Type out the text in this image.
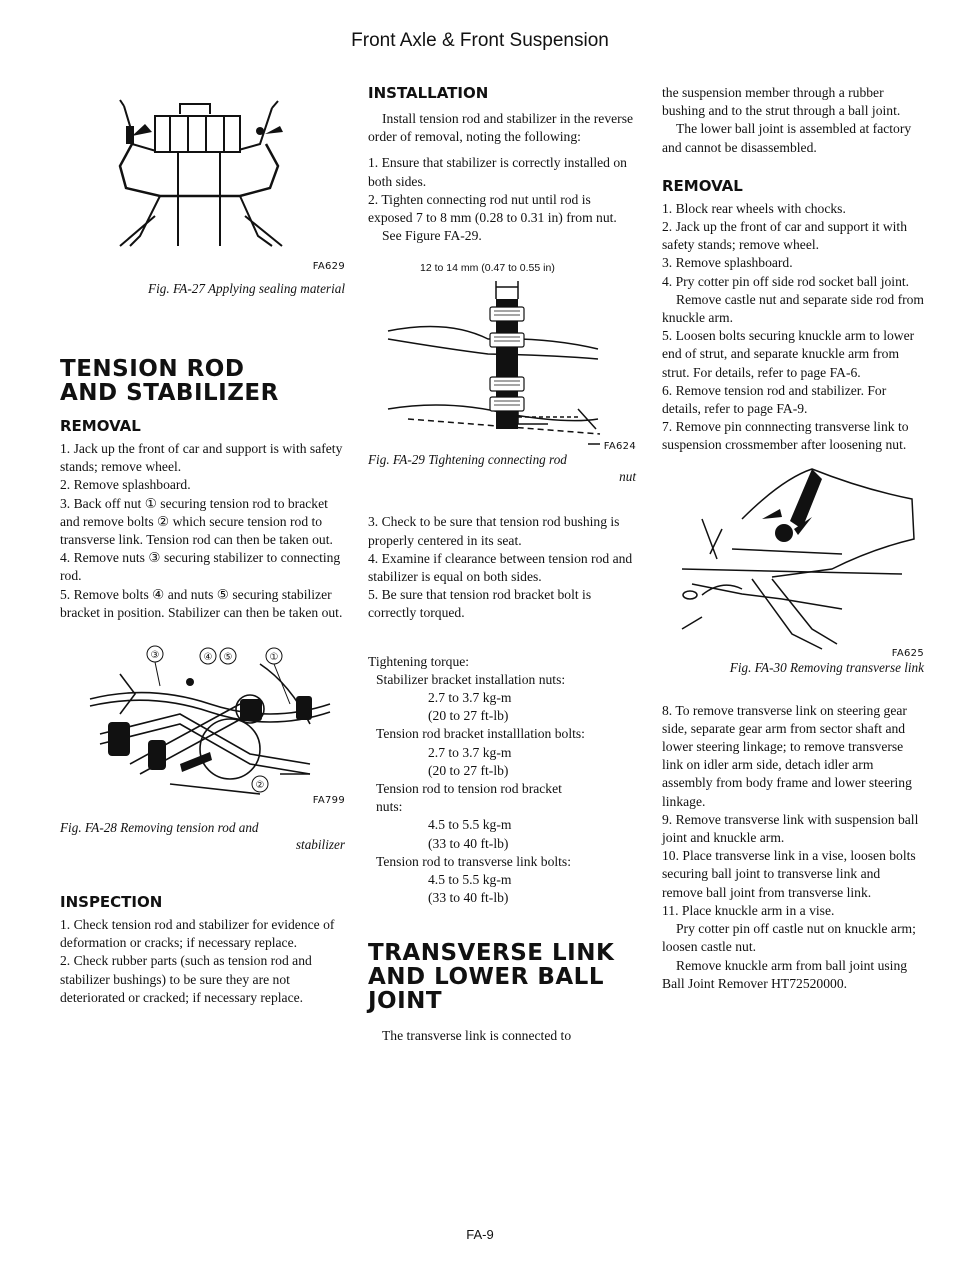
Front Axle & Front Suspension
FA629

Fig. FA-27 Applying sealing material

TENSION ROD AND STABILIZER

REMOVAL

1. Jack up the front of car and support is with safety stands; remove wheel.

2. Remove splashboard.

3. Back off nut ① securing tension rod to bracket and remove bolts ② which secure tension rod to transverse link. Tension rod can then be taken out.

4. Remove nuts ③ securing stabilizer to connecting rod.

5. Remove bolts ④ and nuts ⑤ securing stabilizer bracket in position. Stabilizer can then be taken out.

③	④ ⑤	①
②
FA799

Fig. FA-28 Removing tension rod and

stabilizer

INSPECTION

1. Check tension rod and stabilizer for evidence of deformation or cracks; if necessary replace.

2. Check rubber parts (such as tension rod and stabilizer bushings) to be sure they are not deteriorated or cracked; if necessary replace.

INSTALLATION

Install tension rod and stabilizer in the reverse order of removal, noting the following:

1. Ensure that stabilizer is correctly installed on both sides.

2. Tighten connecting rod nut until rod is exposed 7 to 8 mm (0.28 to 0.31 in) from nut.

See Figure FA-29.

12 to 14 mm (0.47 to 0.55 in)
FA624

Fig. FA-29 Tightening connecting rod

nut

3. Check to be sure that tension rod bushing is properly centered in its seat.

4. Examine if clearance between tension rod and stabilizer is equal on both sides.

5. Be sure that tension rod bracket bolt is correctly torqued.

Tightening torque:

Stabilizer bracket installation nuts:

2.7 to 3.7 kg-m

(20 to 27 ft-lb)

Tension rod bracket installlation bolts:

2.7 to 3.7 kg-m

(20 to 27 ft-lb)

Tension rod to tension rod bracket nuts:

4.5 to 5.5 kg-m

(33 to 40 ft-lb)

Tension rod to transverse link bolts:

4.5 to 5.5 kg-m

(33 to 40 ft-lb)

TRANSVERSE LINK AND LOWER BALL JOINT

The transverse link is connected to

the suspension member through a rubber bushing and to the strut through a ball joint.

The lower ball joint is assembled at factory and cannot be disassembled.

REMOVAL

1. Block rear wheels with chocks.

2. Jack up the front of car and support it with safety stands; remove wheel.

3. Remove splashboard.

4. Pry cotter pin off side rod socket ball joint.

Remove castle nut and separate side rod from knuckle arm.

5. Loosen bolts securing knuckle arm to lower end of strut, and separate knuckle arm from strut. For details, refer to page FA-6.

6. Remove tension rod and stabilizer. For details, refer to page FA-9.

7. Remove pin connnecting transverse link to suspension crossmember after loosening nut.

FA625

Fig. FA-30 Removing transverse link

8. To remove transverse link on steering gear side, separate gear arm from sector shaft and lower steering linkage; to remove transverse link on idler arm side, detach idler arm assembly from body frame and lower steering linkage.

9. Remove transverse link with suspension ball joint and knuckle arm.

10. Place transverse link in a vise, loosen bolts securing ball joint to transverse link and remove ball joint from transverse link.

11. Place knuckle arm in a vise.

Pry cotter pin off castle nut on knuckle arm; loosen castle nut.

Remove knuckle arm from ball joint using Ball Joint Remover HT72520000.

FA-9
